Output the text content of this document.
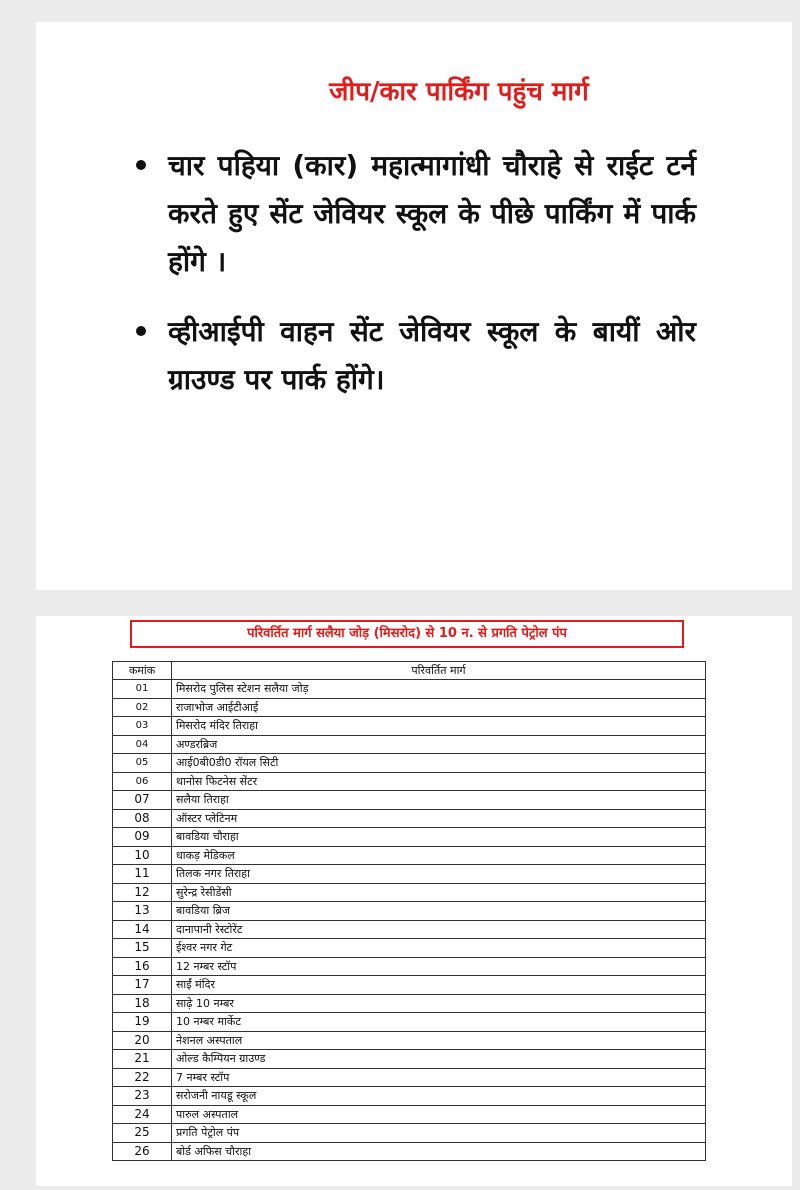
जीप/कार पार्किंग पहुंच मार्ग
चार पहिया (कार) महात्मागांधी चौराहे से राईट टर्न करते हुए सेंट जेवियर स्कूल के पीछे पार्किंग में पार्क होंगे ।
व्हीआईपी वाहन सेंट जेवियर स्कूल के बायीं ओर ग्राउण्ड पर पार्क होंगे।
परिवर्तित मार्ग सलैया जोड़ (मिसरोद) से 10 न. से प्रगति पेट्रोल पंप
कमांक	परिवर्तित मार्ग
01	मिसरोद पुलिस स्टेशन सलैया जोड़
02	राजाभोज आईटीआई
03	मिसरोद मंदिर तिराहा
04	अण्डरब्रिज
05	आई0बी0डी0 रॉयल सिटी
06	थानोस फिटनेस सेंटर
07	सलैया तिराहा
08	ऑस्टर प्लेटिनम
09	बावडिया चौराहा
10	धाकड़ मेडिकल
11	तिलक नगर तिराहा
12	सुरेन्द्र रेसीडेंसी
13	बावडिया ब्रिज
14	दानापानी रेस्टोरेंट
15	ईश्वर नगर गेट
16	12 नम्बर स्टॉप
17	साईं मंदिर
18	साढ़े 10 नम्बर
19	10 नम्बर मार्केट
20	नेशनल अस्पताल
21	ओल्ड कैम्पियन ग्राउण्ड
22	7 नम्बर स्टॉप
23	सरोजनी नायडू स्कूल
24	पारुल अस्पताल
25	प्रगति पेट्रोल पंप
26	बोर्ड अफिस चौराहा
